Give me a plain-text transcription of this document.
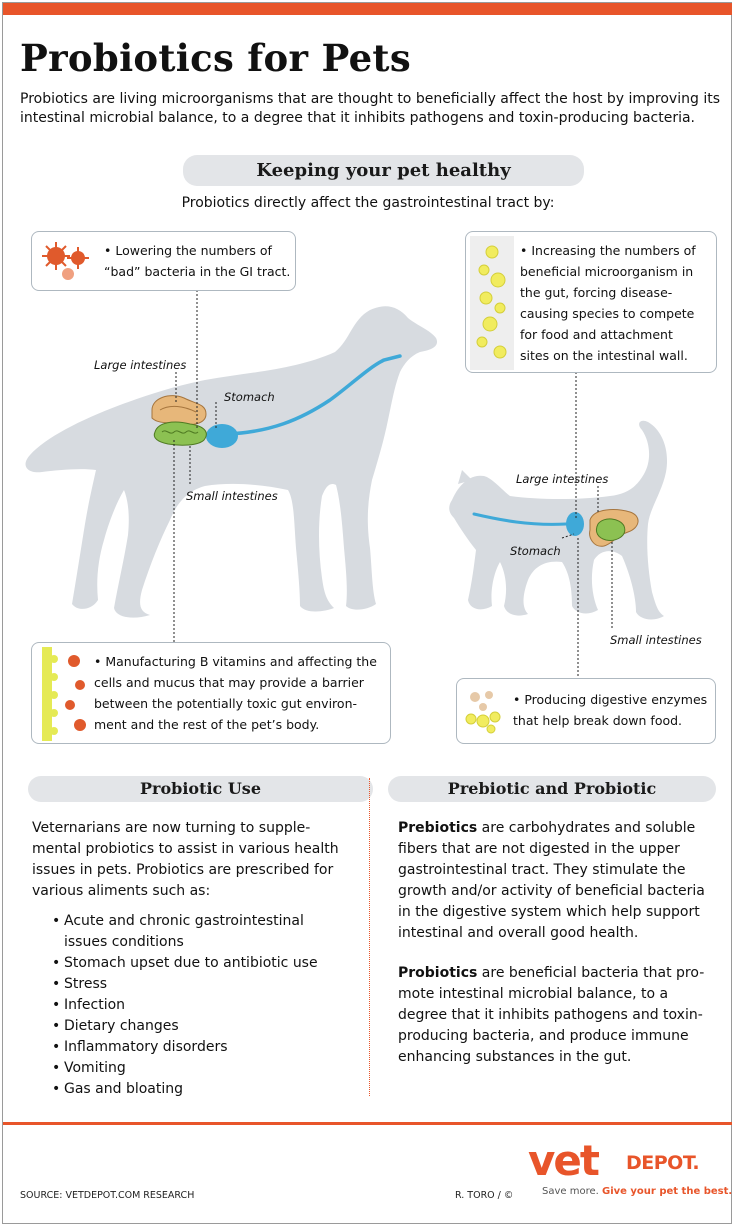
Probiotics for Pets

Probiotics are living microorganisms that are thought to beneficially affect the host by improving its intestinal microbial balance, to a degree that it inhibits pathogens and toxin-producing bacteria.

Keeping your pet healthy
Probiotics directly affect the gastrointestinal tract by:
Large intestines
Stomach
Small intestines
Large intestines
Stomach
Small intestines
• Lowering the numbers of
“bad” bacteria in the GI tract.
• Increasing the numbers of
beneficial microorganism in
the gut, forcing disease-
causing species to compete
for food and attachment
sites on the intestinal wall.
• Manufacturing B vitamins and affecting the
cells and mucus that may provide a barrier
between the potentially toxic gut environ-
ment and the rest of the pet’s body.
• Producing digestive enzymes
that help break down food.
Probiotic Use
Veternarians are now turning to supple-
mental probiotics to assist in various health
issues in pets. Probiotics are prescribed for
various aliments such as:
• Acute and chronic gastrointestinal
issues conditions
• Stomach upset due to antibiotic use
• Stress
• Infection
• Dietary changes
• Inflammatory disorders
• Vomiting
• Gas and bloating
Prebiotic and Probiotic
Prebiotics are carbohydrates and soluble
fibers that are not digested in the upper
gastrointestinal tract. They stimulate the
growth and/or activity of beneficial bacteria
in the digestive system which help support
intestinal and overall good health.
Probiotics are beneficial bacteria that pro-
mote intestinal microbial balance, to a
degree that it inhibits pathogens and toxin-
producing bacteria, and produce immune
enhancing substances in the gut.
SOURCE: VETDEPOT.COM RESEARCH	R. TORO / ©
vet DEPOT.
Save more. Give your pet the best.
